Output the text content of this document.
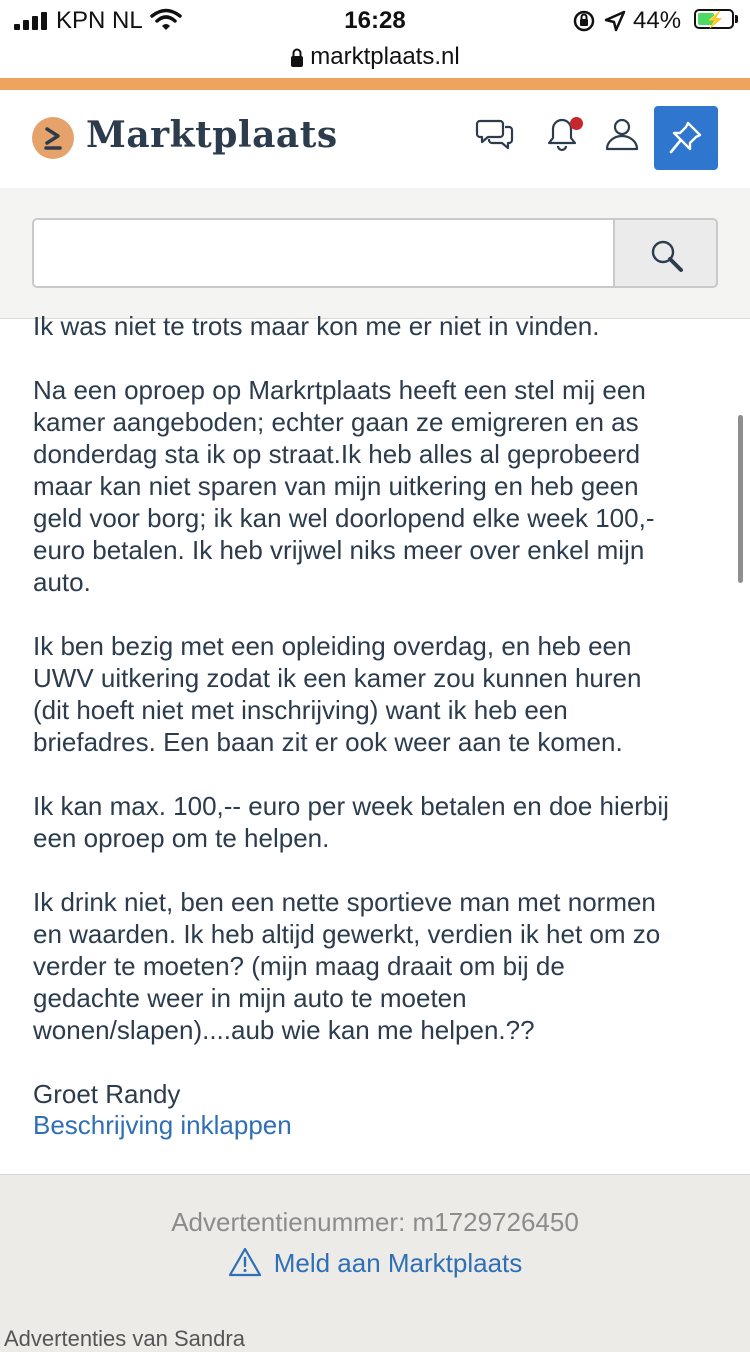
KPN NL	16:28	44% ⚡
marktplaats.nl
Marktplaats

Ik was niet te trots maar kon me er niet in vinden.

Na een oproep op Markrtplaats heeft een stel mij een
kamer aangeboden; echter gaan ze emigreren en as
donderdag sta ik op straat.Ik heb alles al geprobeerd
maar kan niet sparen van mijn uitkering en heb geen
geld voor borg; ik kan wel doorlopend elke week 100,-
euro betalen. Ik heb vrijwel niks meer over enkel mijn
auto.

Ik ben bezig met een opleiding overdag, en heb een
UWV uitkering zodat ik een kamer zou kunnen huren
(dit hoeft niet met inschrijving) want ik heb een
briefadres. Een baan zit er ook weer aan te komen.

Ik kan max. 100,-- euro per week betalen en doe hierbij
een oproep om te helpen.

Ik drink niet, ben een nette sportieve man met normen
en waarden. Ik heb altijd gewerkt, verdien ik het om zo
verder te moeten? (mijn maag draait om bij de
gedachte weer in mijn auto te moeten
wonen/slapen)....aub wie kan me helpen.??

Groet Randy

Beschrijving inklappen
Advertentienummer: m1729726450
Meld aan Marktplaats
Advertenties van Sandra
